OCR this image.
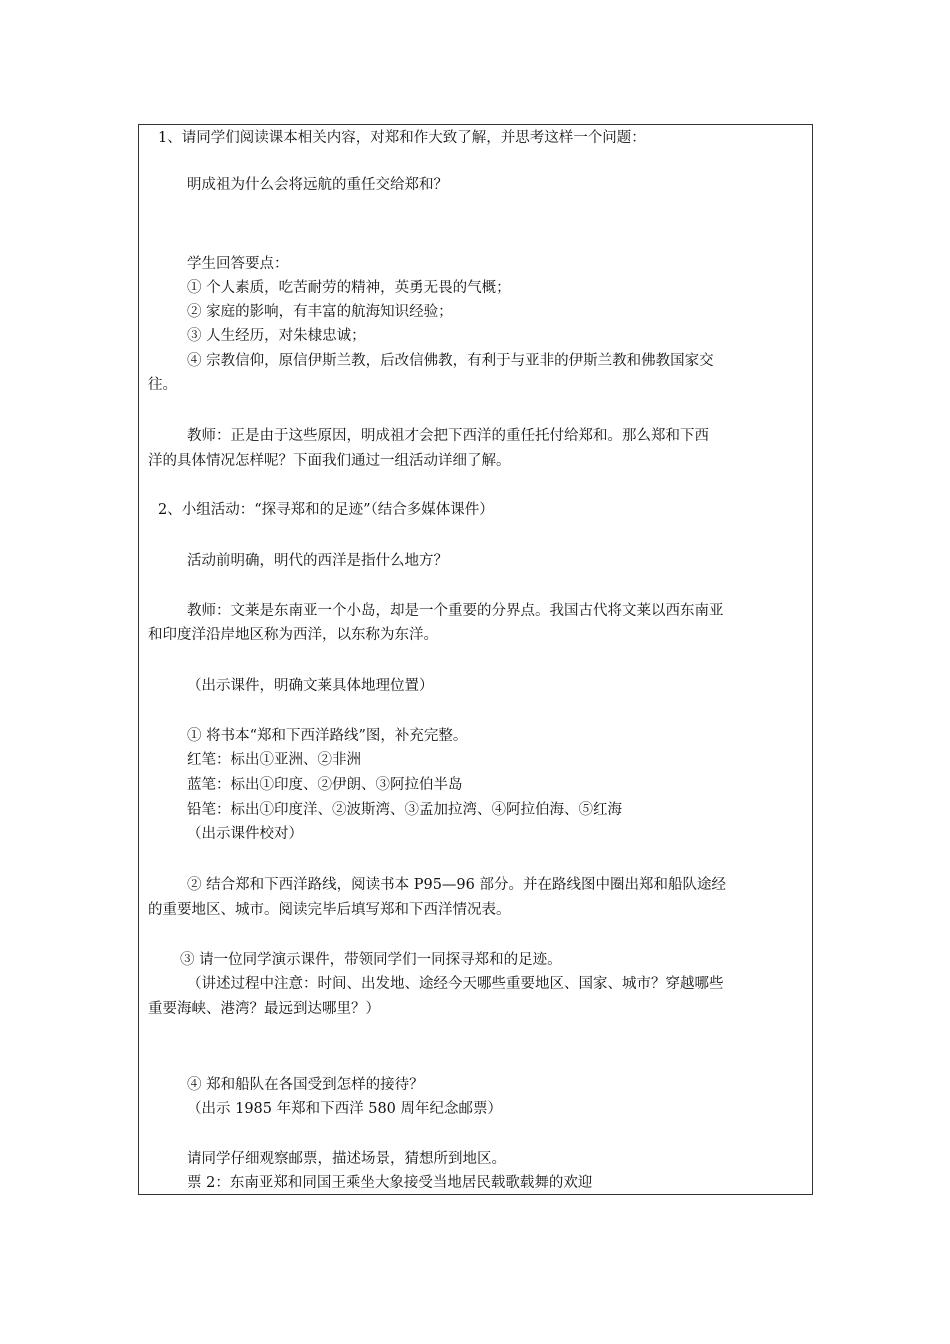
1、请同学们阅读课本相关内容，对郑和作大致了解，并思考这样一个问题：
明成祖为什么会将远航的重任交给郑和？
学生回答要点：
① 个人素质，吃苦耐劳的精神，英勇无畏的气概；
② 家庭的影响，有丰富的航海知识经验；
③ 人生经历，对朱棣忠诚；
④ 宗教信仰，原信伊斯兰教，后改信佛教，有利于与亚非的伊斯兰教和佛教国家交
往。
教师：正是由于这些原因，明成祖才会把下西洋的重任托付给郑和。那么郑和下西
洋的具体情况怎样呢？下面我们通过一组活动详细了解。
2、小组活动：“探寻郑和的足迹”（结合多媒体课件）
活动前明确，明代的西洋是指什么地方？
教师：文莱是东南亚一个小岛，却是一个重要的分界点。我国古代将文莱以西东南亚
和印度洋沿岸地区称为西洋，以东称为东洋。
（出示课件，明确文莱具体地理位置）
① 将书本“郑和下西洋路线”图，补充完整。
红笔：标出①亚洲、②非洲
蓝笔：标出①印度、②伊朗、③阿拉伯半岛
铅笔：标出①印度洋、②波斯湾、③孟加拉湾、④阿拉伯海、⑤红海
（出示课件校对）
② 结合郑和下西洋路线，阅读书本 P95—96 部分。并在路线图中圈出郑和船队途经
的重要地区、城市。阅读完毕后填写郑和下西洋情况表。
③ 请一位同学演示课件，带领同学们一同探寻郑和的足迹。
（讲述过程中注意：时间、出发地、途经今天哪些重要地区、国家、城市？穿越哪些
重要海峡、港湾？最远到达哪里？）
④ 郑和船队在各国受到怎样的接待？
（出示 1985 年郑和下西洋 580 周年纪念邮票）
请同学仔细观察邮票，描述场景，猜想所到地区。
票 2：东南亚郑和同国王乘坐大象接受当地居民载歌载舞的欢迎
